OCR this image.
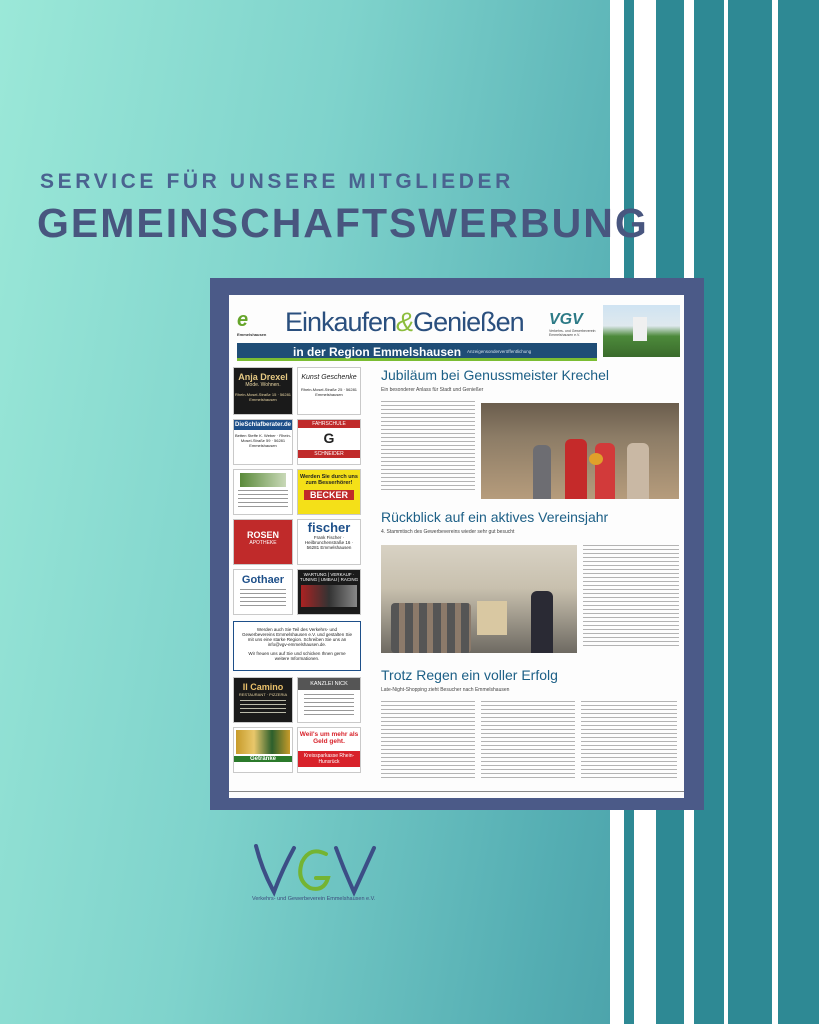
SERVICE FÜR UNSERE MITGLIEDER
GEMEINSCHAFTSWERBUNG
e
Emmelshausen Einkaufen&Genießen VGV
Verkehrs- und Gewerbeverein Emmelshausen e.V.
in der Region Emmelshausen Anzeigensonderveröffentlichung
Anja Drexel
Mode. Wohnen.
Rhein-Mosel-Straße 15 · 56281 Emmelshausen
Kunst Geschenke
Rhein-Mosel-Straße 25 · 56281 Emmelshausen
DieSchlafberater.de
Betten Steffe K. Weber · Rhein-Mosel-Straße 59 · 56281 Emmelshausen
FAHRSCHULE
G
SCHNEIDER
Werden Sie durch uns zum Besserhörer!
BECKER
ROSEN
APOTHEKE
fischer
Frank Fischer · Heilbrunchenstraße 16 · 56281 Emmelshausen
Gothaer	WARTUNG | VERKAUF · TUNING | UMBAU | RACING
Werden auch Sie Teil des Verkehrs- und Gewerbevereins Emmelshausen e.V. und gestalten Sie mit uns eine starke Region. Schreiben Sie uns an info@vgv-emmelshausen.de.
Wir freuen uns auf Sie und schicken Ihnen gerne weitere Informationen.
Il Camino
RESTAURANT · PIZZERIA
KANZLEI NICK
Getränke
Weil's um mehr als Geld geht.
Kreissparkasse Rhein-Hunsrück
Jubiläum bei Genussmeister Krechel
Ein besonderer Anlass für Stadt und Genießer
Rückblick auf ein aktives Vereinsjahr
4. Stammtisch des Gewerbevereins wieder sehr gut besucht
Trotz Regen ein voller Erfolg
Late-Night-Shopping zieht Besucher nach Emmelshausen
Verkehrs- und Gewerbeverein Emmelshausen e.V.
